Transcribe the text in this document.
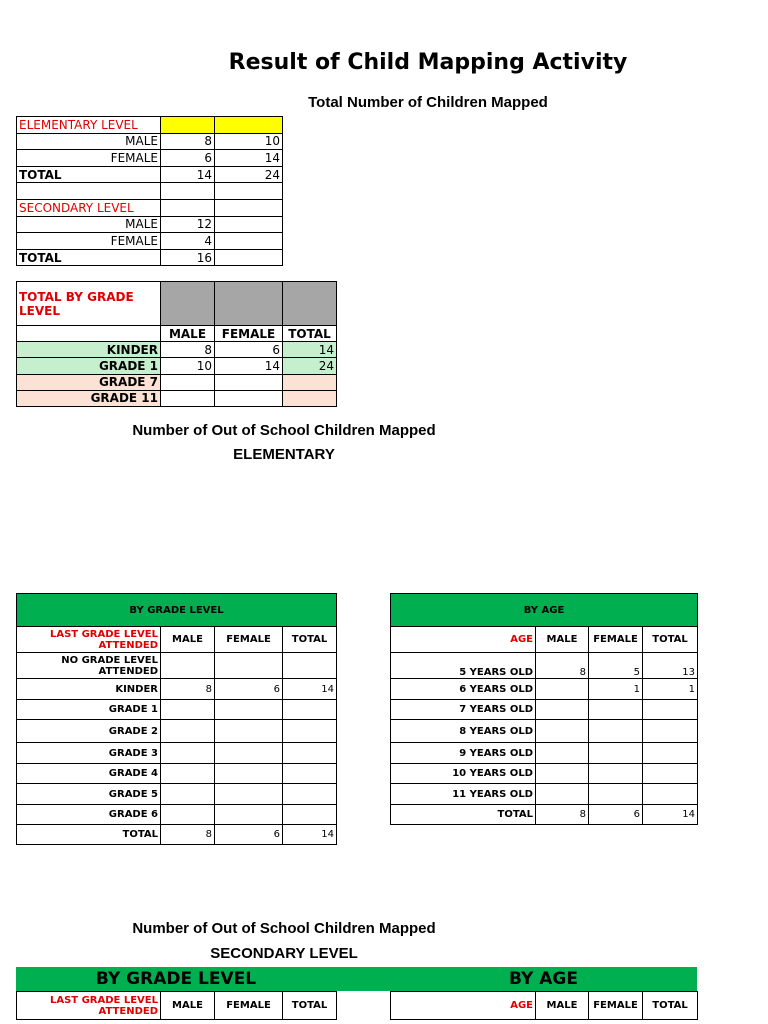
Result of Child Mapping Activity
Total Number of Children Mapped
ELEMENTARY LEVEL		
MALE	8	10
FEMALE	6	14
TOTAL	14	24

SECONDARY LEVEL		
MALE	12	
FEMALE	4	
TOTAL	16	
TOTAL BY GRADE LEVEL			
	MALE	FEMALE	TOTAL
KINDER	8	6	14
GRADE 1	10	14	24
GRADE 7			
GRADE 11			
Number of Out of School Children Mapped
ELEMENTARY
BY GRADE LEVEL			
LAST GRADE LEVEL ATTENDED	MALE	FEMALE	TOTAL
NO GRADE LEVEL ATTENDED			
KINDER	8	6	14
GRADE 1			
GRADE 2			
GRADE 3			
GRADE 4			
GRADE 5			
GRADE 6			
TOTAL	8	6	14
BY AGE			
AGE	MALE	FEMALE	TOTAL
5 YEARS OLD	8	5	13
6 YEARS OLD		1	1
7 YEARS OLD			
8 YEARS OLD			
9 YEARS OLD			
10 YEARS OLD			
11 YEARS OLD			
TOTAL	8	6	14
Number of Out of School Children Mapped
SECONDARY LEVEL
BY GRADE LEVEL	BY AGE
LAST GRADE LEVEL ATTENDED	MALE	FEMALE	TOTAL	AGE	MALE	FEMALE	TOTAL
